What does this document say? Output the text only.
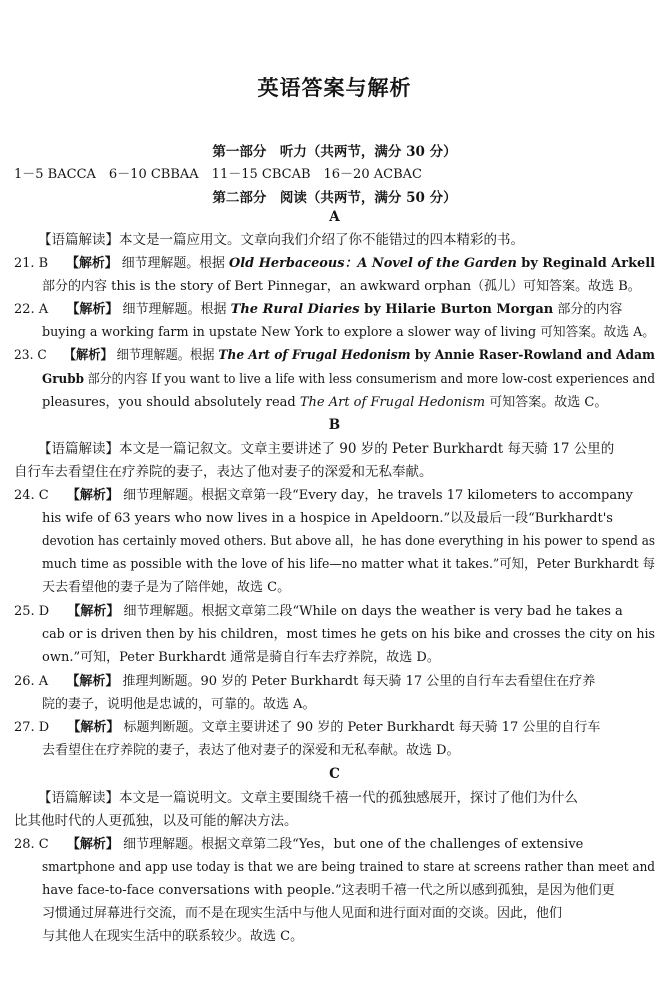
英语答案与解析
第一部分　听力（共两节，满分 30 分）
1－5 BACCA　6－10 CBBAA　11－15 CBCAB　16－20 ACBAC
第二部分　阅读（共两节，满分 50 分）
A
【语篇解读】本文是一篇应用文。文章向我们介绍了你不能错过的四本精彩的书。
21. B 【解析】 细节理解题。根据 Old Herbaceous：A Novel of the Garden by Reginald Arkell
部分的内容 this is the story of Bert Pinnegar，an awkward orphan（孤儿）可知答案。故选 B。
22. A 【解析】 细节理解题。根据 The Rural Diaries by Hilarie Burton Morgan 部分的内容
buying a working farm in upstate New York to explore a slower way of living 可知答案。故选 A。
23. C 【解析】 细节理解题。根据 The Art of Frugal Hedonism by Annie Raser-Rowland and Adam
Grubb 部分的内容 If you want to live a life with less consumerism and more low-cost experiences and
pleasures，you should absolutely read The Art of Frugal Hedonism 可知答案。故选 C。
B
【语篇解读】本文是一篇记叙文。文章主要讲述了 90 岁的 Peter Burkhardt 每天骑 17 公里的
自行车去看望住在疗养院的妻子，表达了他对妻子的深爱和无私奉献。
24. C 【解析】 细节理解题。根据文章第一段“Every day，he travels 17 kilometers to accompany
his wife of 63 years who now lives in a hospice in Apeldoorn.”以及最后一段“Burkhardt's
devotion has certainly moved others. But above all，he has done everything in his power to spend as
much time as possible with the love of his life—no matter what it takes.”可知，Peter Burkhardt 每
天去看望他的妻子是为了陪伴她，故选 C。
25. D 【解析】 细节理解题。根据文章第二段“While on days the weather is very bad he takes a
cab or is driven then by his children，most times he gets on his bike and crosses the city on his
own.”可知，Peter Burkhardt 通常是骑自行车去疗养院，故选 D。
26. A 【解析】 推理判断题。90 岁的 Peter Burkhardt 每天骑 17 公里的自行车去看望住在疗养
院的妻子，说明他是忠诚的，可靠的。故选 A。
27. D 【解析】 标题判断题。文章主要讲述了 90 岁的 Peter Burkhardt 每天骑 17 公里的自行车
去看望住在疗养院的妻子，表达了他对妻子的深爱和无私奉献。故选 D。
C
【语篇解读】本文是一篇说明文。文章主要围绕千禧一代的孤独感展开，探讨了他们为什么
比其他时代的人更孤独，以及可能的解决方法。
28. C 【解析】 细节理解题。根据文章第二段“Yes，but one of the challenges of extensive
smartphone and app use today is that we are being trained to stare at screens rather than meet and
have face-to-face conversations with people.”这表明千禧一代之所以感到孤独，是因为他们更
习惯通过屏幕进行交流，而不是在现实生活中与他人见面和进行面对面的交谈。因此，他们
与其他人在现实生活中的联系较少。故选 C。
